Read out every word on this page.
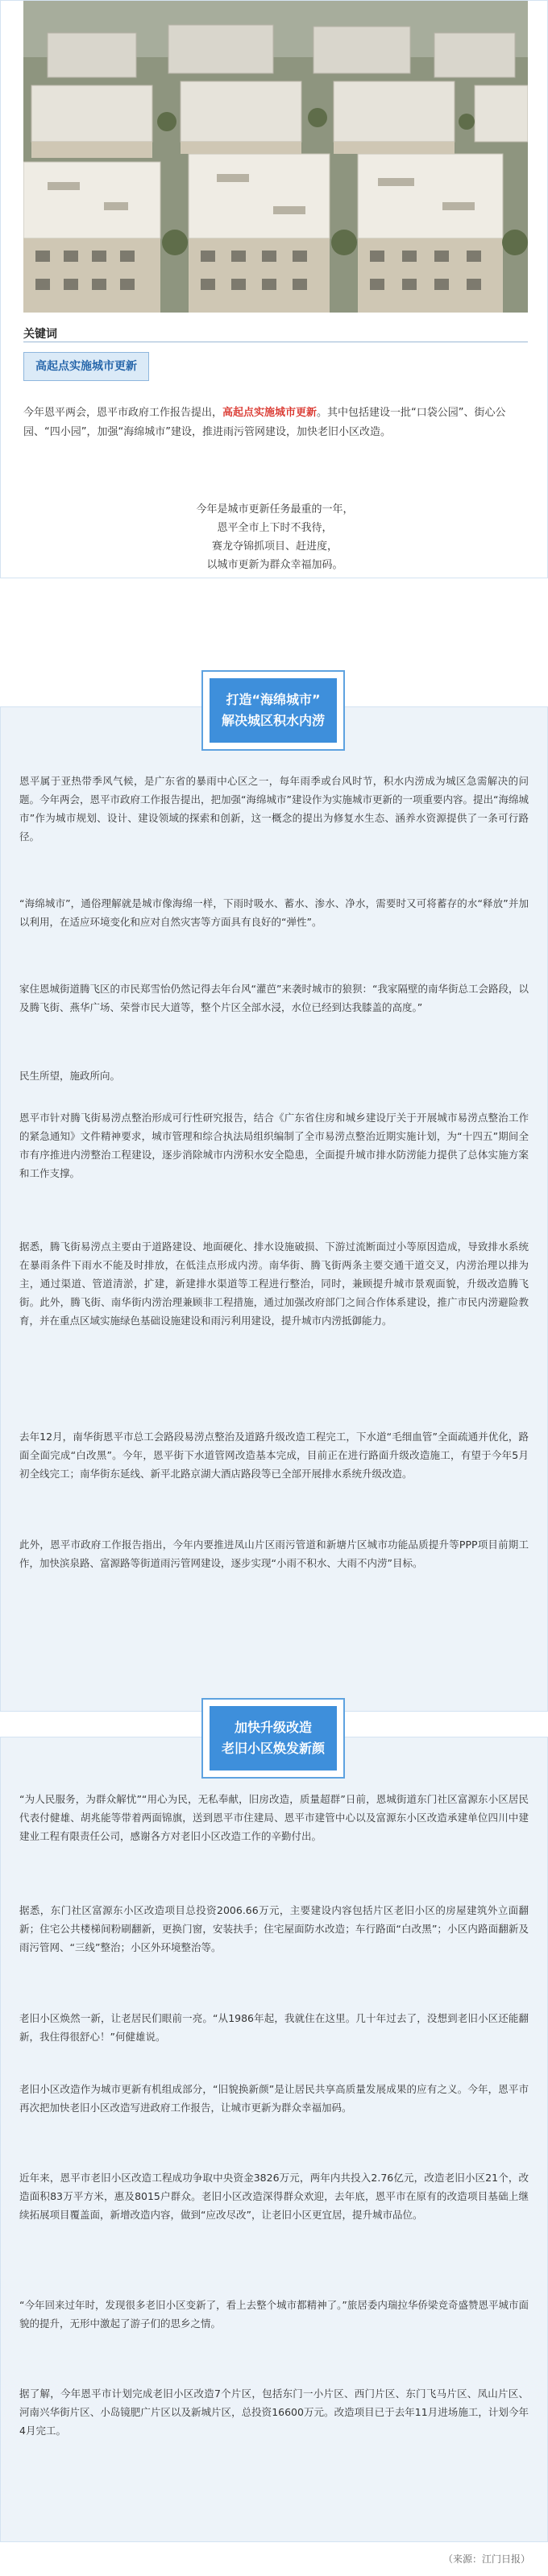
关键词
高起点实施城市更新
今年恩平两会，恩平市政府工作报告提出，高起点实施城市更新。其中包括建设一批“口袋公园”、街心公园、“四小园”，加强“海绵城市”建设，推进雨污管网建设，加快老旧小区改造。
今年是城市更新任务最重的一年，
恩平全市上下时不我待，
赛龙夺锦抓项目、赶进度，
以城市更新为群众幸福加码。
打造“海绵城市”
解决城区积水内涝
恩平属于亚热带季风气候，是广东省的暴雨中心区之一，每年雨季或台风时节，积水内涝成为城区急需解决的问题。今年两会，恩平市政府工作报告提出，把加强“海绵城市”建设作为实施城市更新的一项重要内容。提出“海绵城市”作为城市规划、设计、建设领域的探索和创新，这一概念的提出为修复水生态、涵养水资源提供了一条可行路径。
“海绵城市”，通俗理解就是城市像海绵一样，下雨时吸水、蓄水、渗水、净水，需要时又可将蓄存的水“释放”并加以利用，在适应环境变化和应对自然灾害等方面具有良好的“弹性”。
家住恩城街道腾飞区的市民郑雪怡仍然记得去年台风“灌芭”来袭时城市的狼狈：“我家隔壁的南华街总工会路段，以及腾飞街、燕华广场、荣誉市民大道等，整个片区全部水浸，水位已经到达我膝盖的高度。”
民生所望，施政所向。
恩平市针对腾飞街易涝点整治形成可行性研究报告，结合《广东省住房和城乡建设厅关于开展城市易涝点整治工作的紧急通知》文件精神要求，城市管理和综合执法局组织编制了全市易涝点整治近期实施计划，为“十四五”期间全市有序推进内涝整治工程建设，逐步消除城市内涝积水安全隐患，全面提升城市排水防涝能力提供了总体实施方案和工作支撑。
据悉，腾飞街易涝点主要由于道路建设、地面硬化、排水设施破损、下游过流断面过小等原因造成，导致排水系统在暴雨条件下雨水不能及时排放，在低洼点形成内涝。南华街、腾飞街两条主要交通干道交叉，内涝治理以排为主，通过渠道、管道清淤，扩建，新建排水渠道等工程进行整治，同时，兼顾提升城市景观面貌，升级改造腾飞街。此外，腾飞街、南华街内涝治理兼顾非工程措施，通过加强改府部门之间合作体系建设，推广市民内涝避险教育，并在重点区域实施绿色基础设施建设和雨污利用建设，提升城市内涝抵御能力。
去年12月，南华街恩平市总工会路段易涝点整治及道路升级改造工程完工，下水道“毛细血管”全面疏通并优化，路面全面完成“白改黑”。今年，恩平街下水道管网改造基本完成，目前正在进行路面升级改造施工，有望于今年5月初全线完工；南华街东延线、新平北路京湖大酒店路段等已全部开展排水系统升级改造。
此外，恩平市政府工作报告指出，今年内要推进凤山片区雨污管道和新塘片区城市功能品质提升等PPP项目前期工作，加快滨泉路、富源路等街道雨污管网建设，逐步实现“小雨不积水、大雨不内涝”目标。
加快升级改造
老旧小区焕发新颜
“为人民服务，为群众解忧”“用心为民，无私奉献，旧房改造，质量超群”日前，恩城街道东门社区富源东小区居民代表付健雄、胡兆能等带着两面锦旗，送到恩平市住建局、恩平市建管中心以及富源东小区改造承建单位四川中建建业工程有限责任公司，感谢各方对老旧小区改造工作的辛勤付出。
据悉，东门社区富源东小区改造项目总投资2006.66万元，主要建设内容包括片区老旧小区的房屋建筑外立面翻新；住宅公共楼梯间粉刷翻新，更换门窗，安装扶手；住宅屋面防水改造；车行路面“白改黑”；小区内路面翻新及雨污管网、“三线”整治；小区外环境整治等。
老旧小区焕然一新，让老居民们眼前一亮。“从1986年起，我就住在这里。几十年过去了，没想到老旧小区还能翻新，我住得很舒心！”何健雄说。
老旧小区改造作为城市更新有机组成部分，“旧貌换新颜”是让居民共享高质量发展成果的应有之义。今年，恩平市再次把加快老旧小区改造写进政府工作报告，让城市更新为群众幸福加码。
近年来，恩平市老旧小区改造工程成功争取中央资金3826万元，两年内共投入2.76亿元，改造老旧小区21个，改造面积83万平方米，惠及8015户群众。老旧小区改造深得群众欢迎，去年底，恩平市在原有的改造项目基础上继续拓展项目覆盖面，新增改造内容，做到“应改尽改”，让老旧小区更宜居，提升城市品位。
“今年回来过年时，发现很多老旧小区变新了，看上去整个城市都精神了。”旅居委内瑞拉华侨梁竞奇盛赞恩平城市面貌的提升，无形中激起了游子们的思乡之情。
据了解，今年恩平市计划完成老旧小区改造7个片区，包括东门一小片区、西门片区、东门飞马片区、凤山片区、河南兴华街片区、小岛镜肥广片区以及新城片区，总投资16600万元。改造项目已于去年11月进场施工，计划今年4月完工。
（来源：江门日报）
